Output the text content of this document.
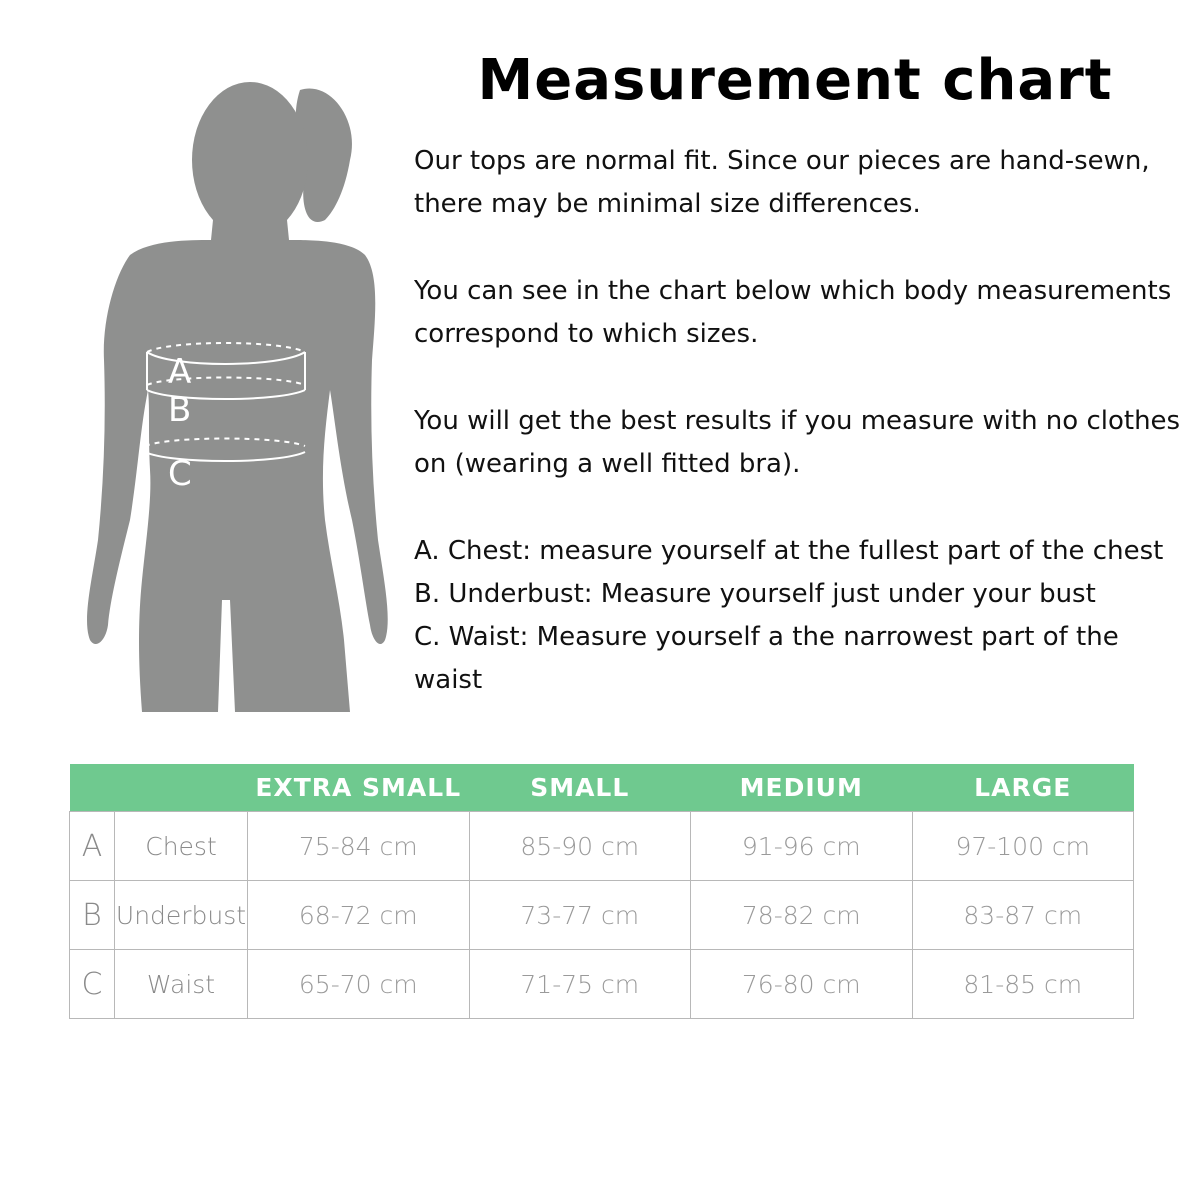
A
B
C
Measurement chart

Our tops are normal fit. Since our pieces are hand-sewn, there may be minimal size differences.

You can see in the chart below which body measurements correspond to which sizes.

You will get the best results if you measure with no clothes on (wearing a well fitted bra).

A. Chest: measure yourself at the fullest part of the chest
B. Underbust: Measure yourself just under your bust
C. Waist: Measure yourself a the narrowest part of the waist

		EXTRA SMALL	SMALL	MEDIUM	LARGE
A	Chest	75-84 cm	85-90 cm	91-96 cm	97-100 cm
B	Underbust	68-72 cm	73-77 cm	78-82 cm	83-87 cm
C	Waist	65-70 cm	71-75 cm	76-80 cm	81-85 cm
